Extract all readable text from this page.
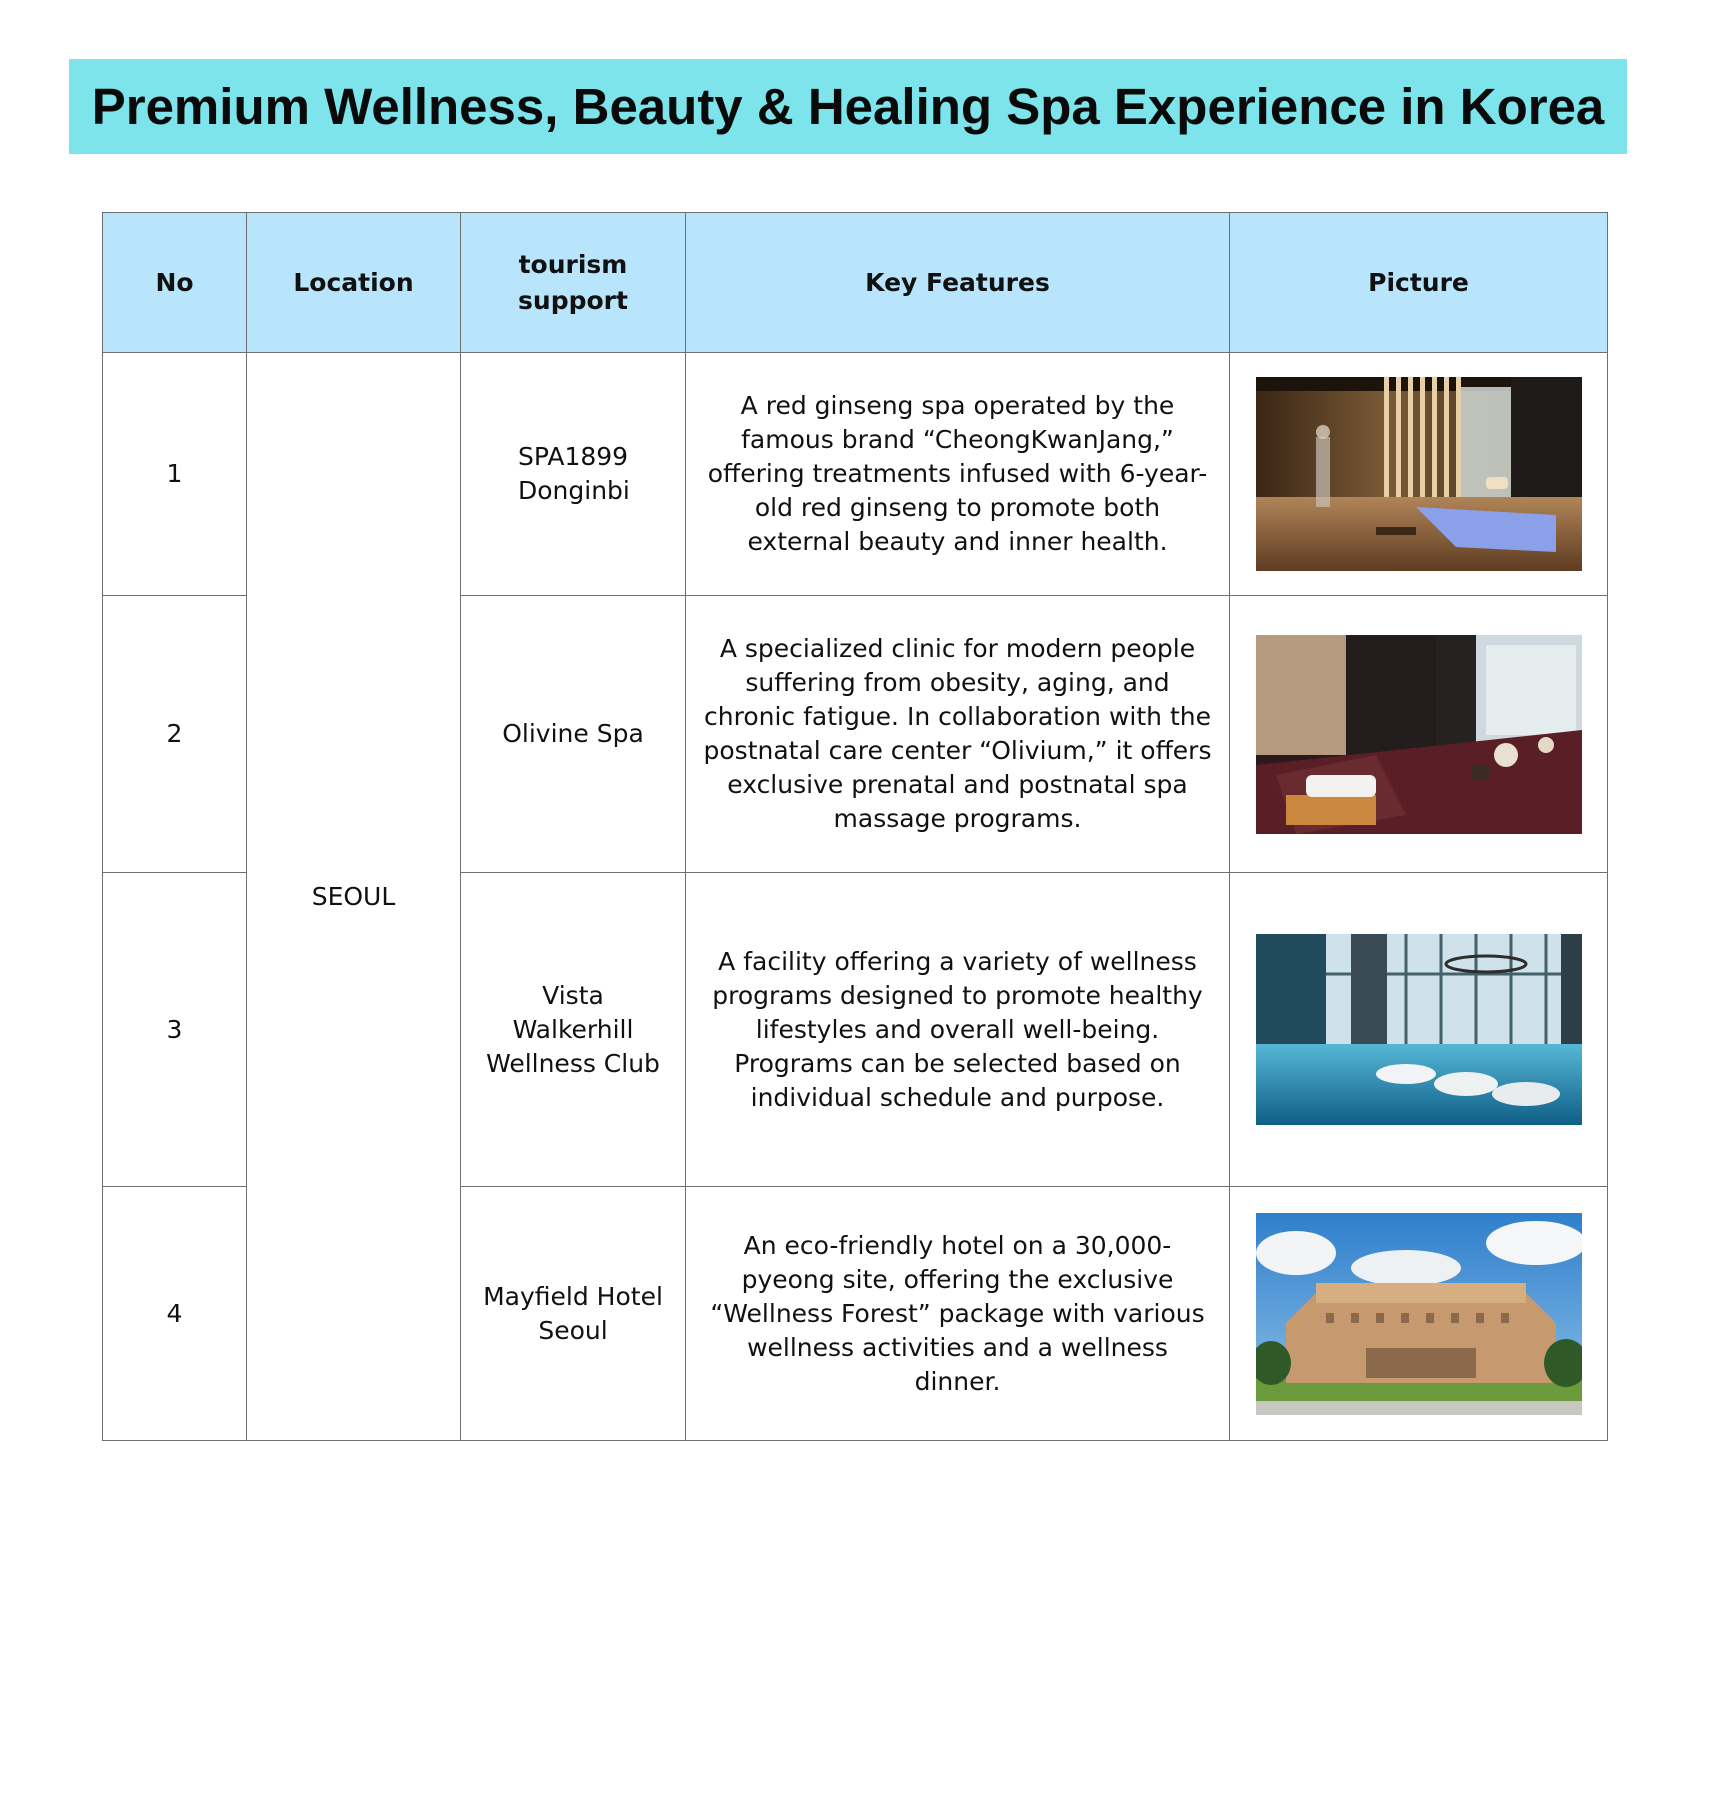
Premium Wellness, Beauty & Healing Spa Experience in Korea
No	Location	tourism support	Key Features	Picture
1	SEOUL	SPA1899 Donginbi	A red ginseng spa operated by the famous brand “CheongKwanJang,” offering treatments infused with 6-year-old red ginseng to promote both external beauty and inner health.	

2		Olivine Spa	A specialized clinic for modern people suffering from obesity, aging, and chronic fatigue. In collaboration with the postnatal care center “Olivium,” it offers exclusive prenatal and postnatal spa massage programs.	

3		Vista Walkerhill Wellness Club	A facility offering a variety of wellness programs designed to promote healthy lifestyles and overall well-being. Programs can be selected based on individual schedule and purpose.	

4		Mayfield Hotel Seoul	An eco-friendly hotel on a 30,000-pyeong site, offering the exclusive “Wellness Forest” package with various wellness activities and a wellness dinner.	
